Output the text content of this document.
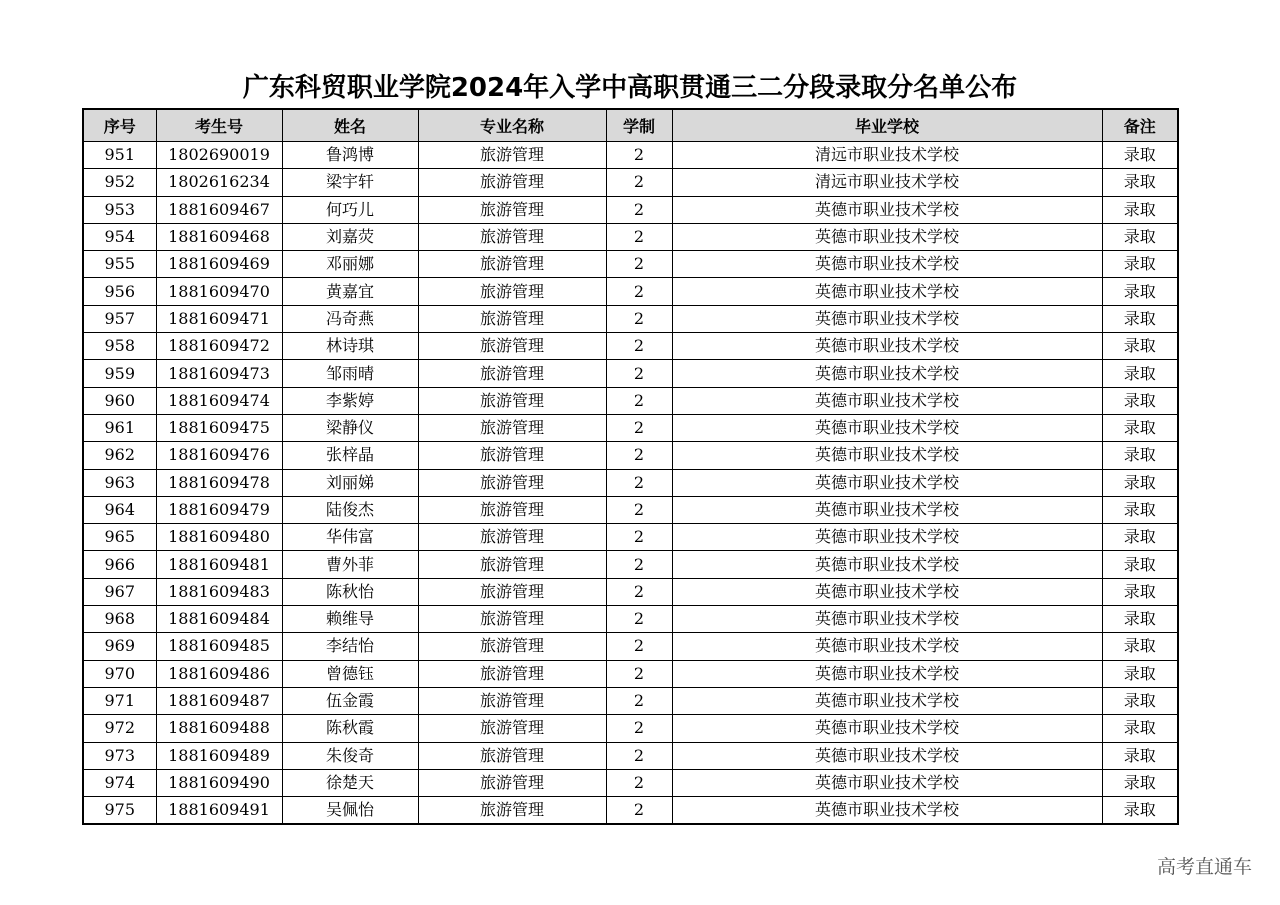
广东科贸职业学院2024年入学中高职贯通三二分段录取分名单公布
序号	考生号	姓名	专业名称	学制	毕业学校	备注
951	1802690019	鲁鸿博	旅游管理	2	清远市职业技术学校	录取
952	1802616234	梁宇轩	旅游管理	2	清远市职业技术学校	录取
953	1881609467	何巧儿	旅游管理	2	英德市职业技术学校	录取
954	1881609468	刘嘉荧	旅游管理	2	英德市职业技术学校	录取
955	1881609469	邓丽娜	旅游管理	2	英德市职业技术学校	录取
956	1881609470	黄嘉宜	旅游管理	2	英德市职业技术学校	录取
957	1881609471	冯奇燕	旅游管理	2	英德市职业技术学校	录取
958	1881609472	林诗琪	旅游管理	2	英德市职业技术学校	录取
959	1881609473	邹雨晴	旅游管理	2	英德市职业技术学校	录取
960	1881609474	李紫婷	旅游管理	2	英德市职业技术学校	录取
961	1881609475	梁静仪	旅游管理	2	英德市职业技术学校	录取
962	1881609476	张梓晶	旅游管理	2	英德市职业技术学校	录取
963	1881609478	刘丽娣	旅游管理	2	英德市职业技术学校	录取
964	1881609479	陆俊杰	旅游管理	2	英德市职业技术学校	录取
965	1881609480	华伟富	旅游管理	2	英德市职业技术学校	录取
966	1881609481	曹外菲	旅游管理	2	英德市职业技术学校	录取
967	1881609483	陈秋怡	旅游管理	2	英德市职业技术学校	录取
968	1881609484	赖维导	旅游管理	2	英德市职业技术学校	录取
969	1881609485	李结怡	旅游管理	2	英德市职业技术学校	录取
970	1881609486	曾德钰	旅游管理	2	英德市职业技术学校	录取
971	1881609487	伍金霞	旅游管理	2	英德市职业技术学校	录取
972	1881609488	陈秋霞	旅游管理	2	英德市职业技术学校	录取
973	1881609489	朱俊奇	旅游管理	2	英德市职业技术学校	录取
974	1881609490	徐楚天	旅游管理	2	英德市职业技术学校	录取
975	1881609491	吴佩怡	旅游管理	2	英德市职业技术学校	录取
高考直通车
